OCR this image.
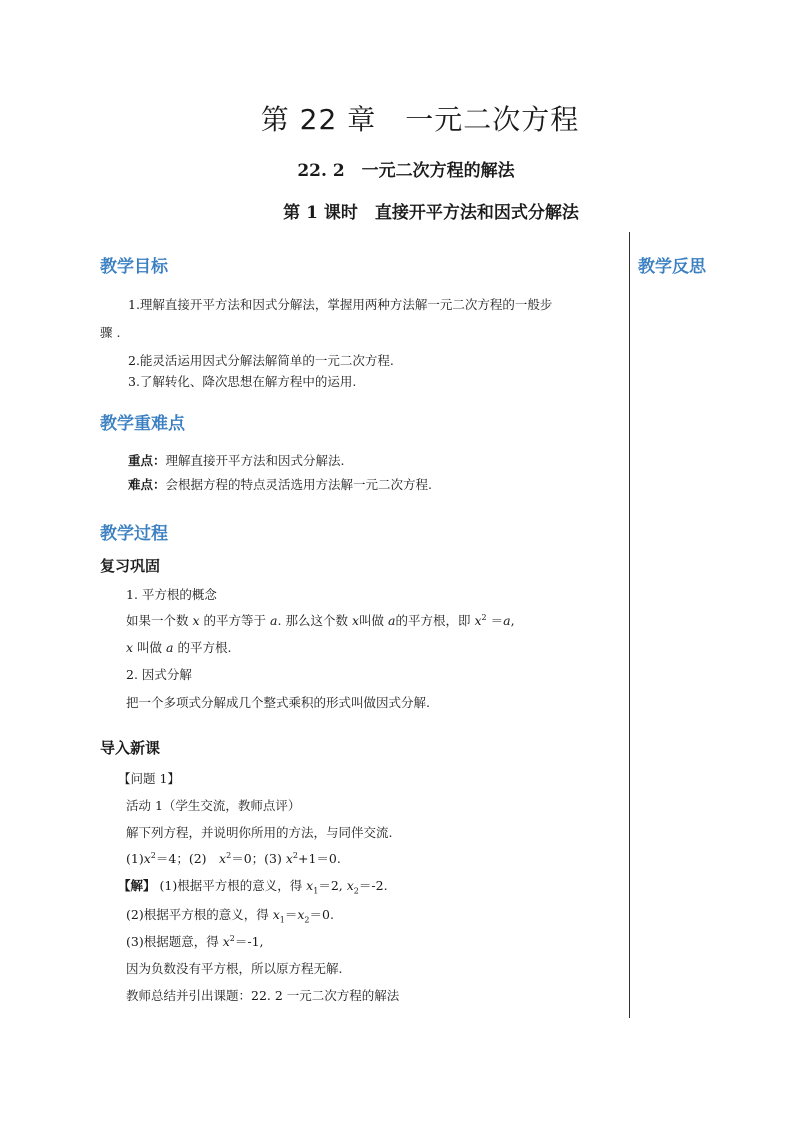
第 22 章　一元二次方程
22. 2　一元二次方程的解法
第 1 课时　直接开平方法和因式分解法
教学反思
教学目标
1.理解直接开平方法和因式分解法，掌握用两种方法解一元二次方程的一般步
骤 .
2.能灵活运用因式分解法解简单的一元二次方程.
3.了解转化、降次思想在解方程中的运用.
教学重难点
重点：理解直接开平方法和因式分解法.
难点：会根据方程的特点灵活选用方法解一元二次方程.
教学过程
复习巩固
1. 平方根的概念
如果一个数 x 的平方等于 a. 那么这个数 x叫做 a的平方根，即 $x^2 =a$,
x 叫做 a 的平方根.
2. 因式分解
把一个多项式分解成几个整式乘积的形式叫做因式分解.
导入新课
【问题 1】
活动 1（学生交流，教师点评）
解下列方程，并说明你所用的方法，与同伴交流.
$(1)x^2=4$；(2)　$x^2=0$；(3) $x^2+1=0$.
【解】 (1)根据平方根的意义，得 $x_1=2$, $x_2=-2$.
(2)根据平方根的意义，得 $x_1=x_2=0$.
(3)根据题意，得 $x^2=-1$,
因为负数没有平方根，所以原方程无解.
教师总结并引出课题：22. 2 一元二次方程的解法
